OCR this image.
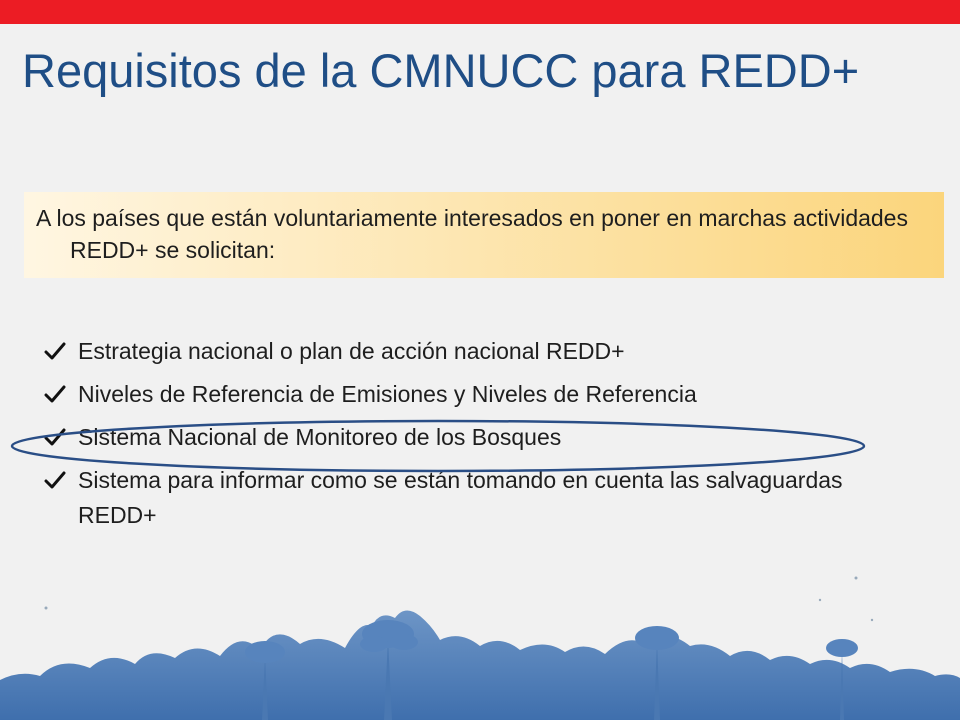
Requisitos de la CMNUCC para REDD+

A los países que están voluntariamente interesados en poner en marchas actividades REDD+ se solicitan:

Estrategia nacional o plan de acción nacional REDD+
Niveles de Referencia de Emisiones y Niveles de Referencia
Sistema Nacional de Monitoreo de los Bosques
Sistema para informar como se están tomando en cuenta las salvaguardas REDD+
